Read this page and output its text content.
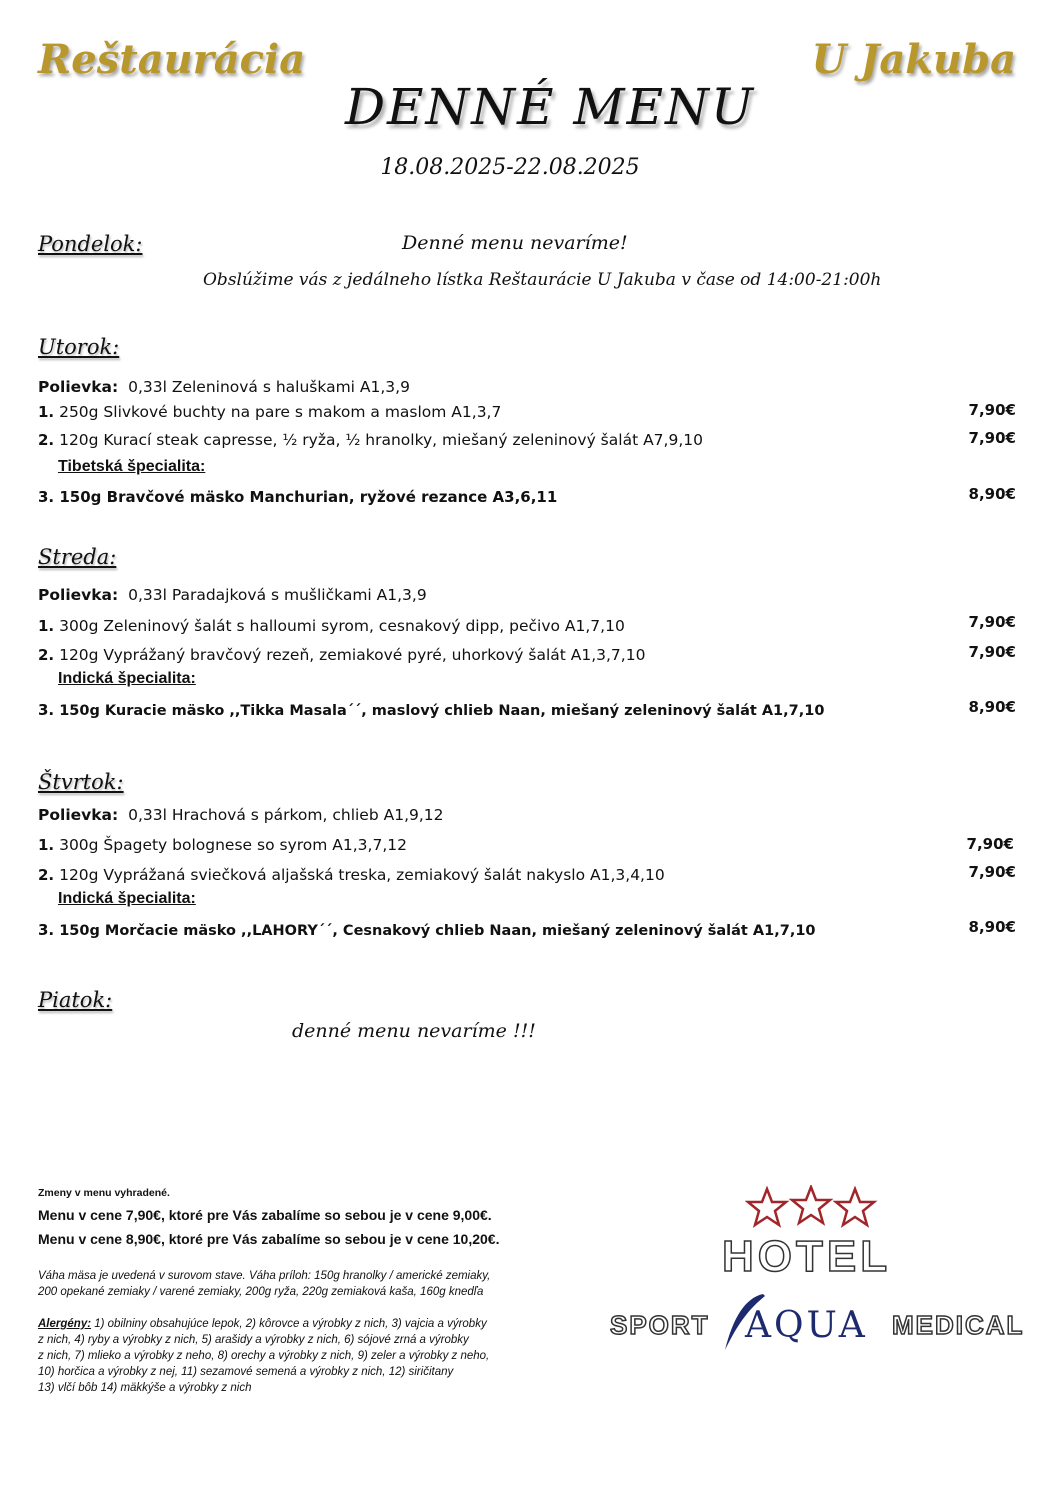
Reštaurácia	U Jakuba
DENNÉ MENU
18.08.2025-22.08.2025
Pondelok:	Denné menu nevaríme!
Obslúžime vás z jedálneho lístka Reštaurácie U Jakuba v čase od 14:00-21:00h
Utorok:
Polievka: 0,33l Zeleninová s haluškami A1,3,9
1. 250g Slivkové buchty na pare s makom a maslom A1,3,7	7,90€
2. 120g Kurací steak capresse, ½ ryža, ½ hranolky, miešaný zeleninový šalát A7,9,10	7,90€
Tibetská špecialita:
3. 150g Bravčové mäsko Manchurian, ryžové rezance A3,6,11	8,90€
Streda:
Polievka: 0,33l Paradajková s mušličkami A1,3,9
1. 300g Zeleninový šalát s halloumi syrom, cesnakový dipp, pečivo A1,7,10	7,90€
2. 120g Vyprážaný bravčový rezeň, zemiakové pyré, uhorkový šalát A1,3,7,10	7,90€
Indická špecialita:
3. 150g Kuracie mäsko ,,Tikka Masala´´, maslový chlieb Naan, miešaný zeleninový šalát A1,7,10	8,90€
Štvrtok:
Polievka: 0,33l Hrachová s párkom, chlieb A1,9,12
1. 300g Špagety bolognese so syrom A1,3,7,12	7,90€
2. 120g Vyprážaná sviečková aljašská treska, zemiakový šalát nakyslo A1,3,4,10	7,90€
Indická špecialita:
3. 150g Morčacie mäsko ,,LAHORY´´, Cesnakový chlieb Naan, miešaný zeleninový šalát A1,7,10	8,90€
Piatok:
denné menu nevaríme !!!
Zmeny v menu vyhradené.
Menu v cene 7,90€, ktoré pre Vás zabalíme so sebou je v cene 9,00€.
Menu v cene 8,90€, ktoré pre Vás zabalíme so sebou je v cene 10,20€.
Váha mäsa je uvedená v surovom stave. Váha príloh: 150g hranolky / americké zemiaky,
200 opekané zemiaky / varené zemiaky, 200g ryža, 220g zemiaková kaša, 160g knedľa
Alergény: 1) obilniny obsahujúce lepok, 2) kôrovce a výrobky z nich, 3) vajcia a výrobky
z nich, 4) ryby a výrobky z nich, 5) arašidy a výrobky z nich, 6) sójové zrná a výrobky
z nich, 7) mlieko a výrobky z neho, 8) orechy a výrobky z nich, 9) zeler a výrobky z neho,
10) horčica a výrobky z nej, 11) sezamové semená a výrobky z nich, 12) siričitany
13) vlčí bôb 14) mäkkýše a výrobky z nich
HOTEL
SPORT AQUA MEDICAL
